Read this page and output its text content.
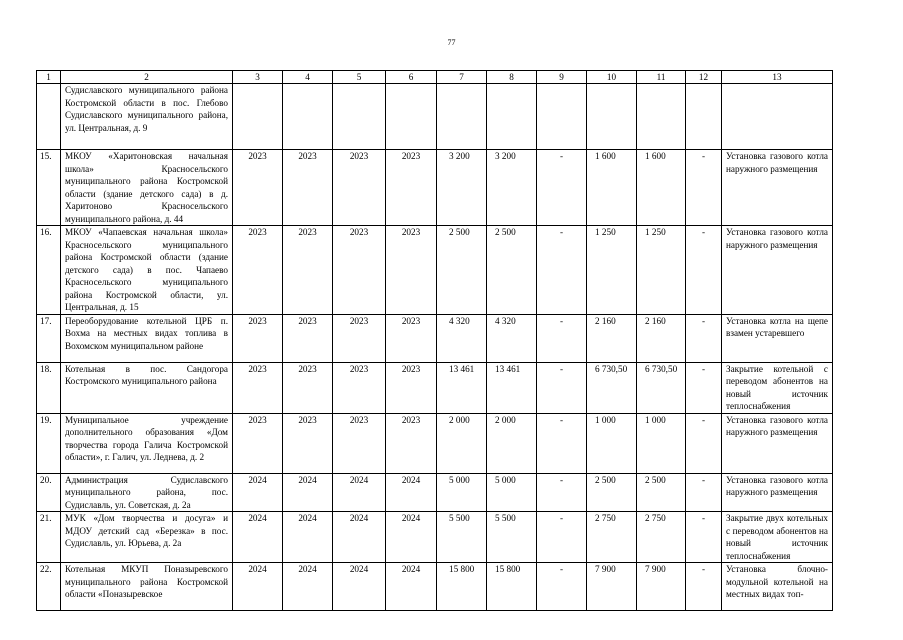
77
1	2	3	4	5	6	7	8	9	10	11	12	13
	Судиславского муниципального района Костромской области в пос. Глебово Судиславского муниципального района, ул. Центральная, д. 9											
15.	МКОУ «Харитоновская начальная школа» Красносельского муниципального района Костромской области (здание детского сада) в д. Харитоново Красносельского муниципального района, д. 44	2023	2023	2023	2023	3 200	3 200	-	1 600	1 600	-	Установка газового котла наружного размещения
16.	МКОУ «Чапаевская начальная школа» Красносельского муниципального района Костромской области (здание детского сада) в пос. Чапаево Красносельского муниципального района Костромской области, ул. Центральная, д. 15	2023	2023	2023	2023	2 500	2 500	-	1 250	1 250	-	Установка газового котла наружного размещения
17.	Переоборудование котельной ЦРБ п. Вохма на местных видах топлива в Вохомском муниципальном районе	2023	2023	2023	2023	4 320	4 320	-	2 160	2 160	-	Установка котла на щепе взамен устаревшего
18.	Котельная в пос. Сандогора Костромского муниципального района	2023	2023	2023	2023	13 461	13 461	-	6 730,50	6 730,50	-	Закрытие котельной с переводом абонентов на новый источник теплоснабжения
19.	Муниципальное учреждение дополнительного образования «Дом творчества города Галича Костромской области», г. Галич, ул. Леднева, д. 2	2023	2023	2023	2023	2 000	2 000	-	1 000	1 000	-	Установка газового котла наружного размещения
20.	Администрация Судиславского муниципального района, пос. Судиславль, ул. Советская, д. 2а	2024	2024	2024	2024	5 000	5 000	-	2 500	2 500	-	Установка газового котла наружного размещения
21.	МУК «Дом творчества и досуга» и МДОУ детский сад «Березка» в пос. Судиславль, ул. Юрьева, д. 2а	2024	2024	2024	2024	5 500	5 500	-	2 750	2 750	-	Закрытие двух котельных с переводом абонентов на новый источник теплоснабжения
22.	Котельная МКУП Поназыревского муниципального района Костромской области «Поназыревское	2024	2024	2024	2024	15 800	15 800	-	7 900	7 900	-	Установка блочно-модульной котельной на местных видах топ-
